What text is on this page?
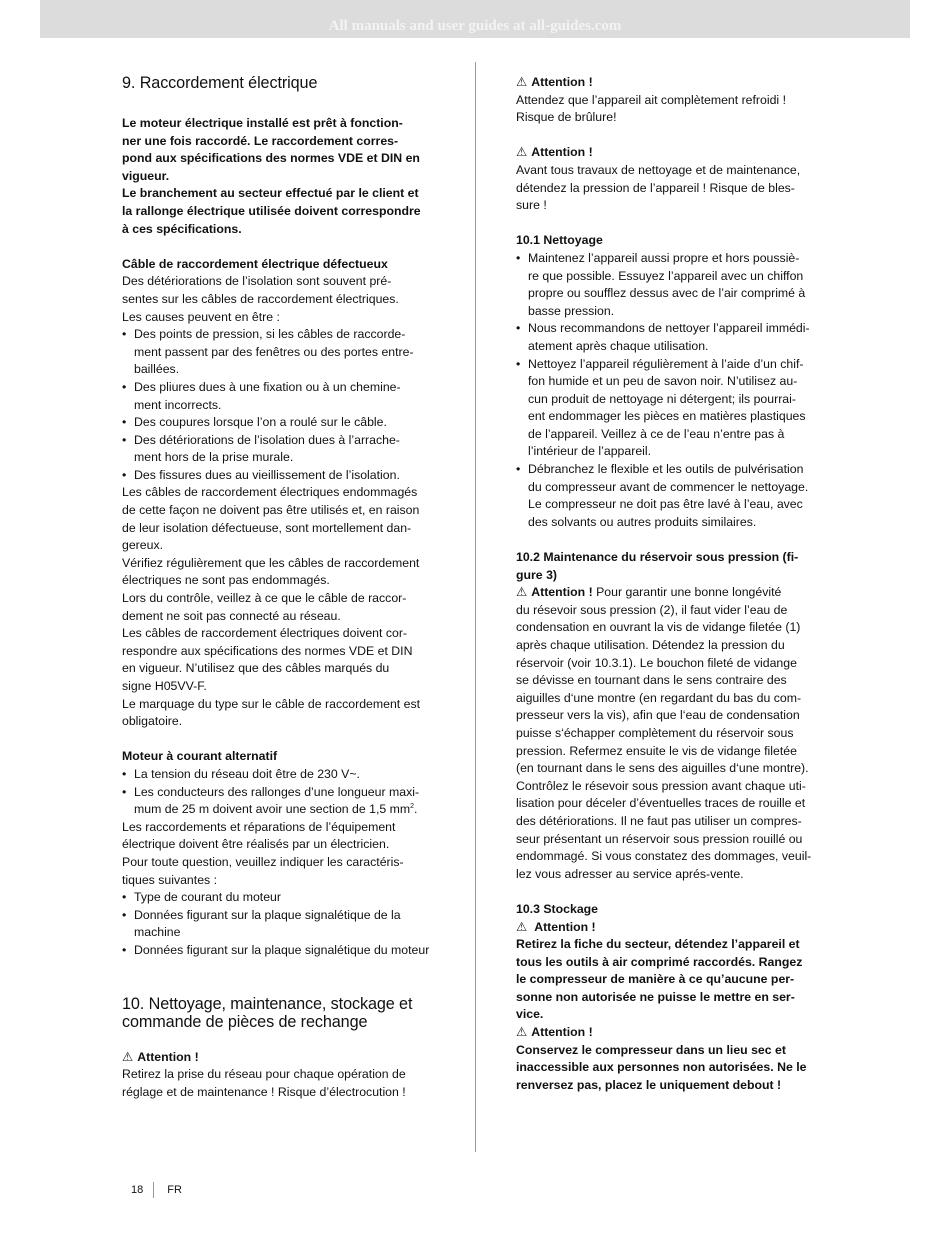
All manuals and user guides at all-guides.com
9. Raccordement électrique
Le moteur électrique installé est prêt à fonction-
ner une fois raccordé. Le raccordement corres-
pond aux spécifications des normes VDE et DIN en
vigueur.
Le branchement au secteur effectué par le client et
la rallonge électrique utilisée doivent correspondre
à ces spécifications.
Câble de raccordement électrique défectueux
Des détériorations de l’isolation sont souvent pré-
sentes sur les câbles de raccordement électriques.
Les causes peuvent en être :
• Des points de pression, si les câbles de raccorde-
ment passent par des fenêtres ou des portes entre-
baillées.
• Des pliures dues à une fixation ou à un chemine-
ment incorrects.
• Des coupures lorsque l’on a roulé sur le câble.
• Des détériorations de l’isolation dues à l’arrache-
ment hors de la prise murale.
• Des fissures dues au vieillissement de l’isolation.
Les câbles de raccordement électriques endommagés
de cette façon ne doivent pas être utilisés et, en raison
de leur isolation défectueuse, sont mortellement dan-
gereux.
Vérifiez régulièrement que les câbles de raccordement
électriques ne sont pas endommagés.
Lors du contrôle, veillez à ce que le câble de raccor-
dement ne soit pas connecté au réseau.
Les câbles de raccordement électriques doivent cor-
respondre aux spécifications des normes VDE et DIN
en vigueur. N’utilisez que des câbles marqués du
signe H05VV-F.
Le marquage du type sur le câble de raccordement est
obligatoire.
Moteur à courant alternatif
• La tension du réseau doit être de 230 V~.
• Les conducteurs des rallonges d’une longueur maxi-
mum de 25 m doivent avoir une section de 1,5 $mm^2$.
Les raccordements et réparations de l’équipement
électrique doivent être réalisés par un électricien.
Pour toute question, veuillez indiquer les caractéris-
tiques suivantes :
• Type de courant du moteur
• Données figurant sur la plaque signalétique de la
machine
• Données figurant sur la plaque signalétique du moteur
10. Nettoyage, maintenance, stockage et
commande de pièces de rechange
⚠ Attention !
Retirez la prise du réseau pour chaque opération de
réglage et de maintenance ! Risque d’électrocution !
⚠ Attention !
Attendez que l’appareil ait complètement refroidi !
Risque de brûlure!
⚠ Attention !
Avant tous travaux de nettoyage et de maintenance,
détendez la pression de l’appareil ! Risque de bles-
sure !
10.1 Nettoyage
• Maintenez l’appareil aussi propre et hors poussiè-
re que possible. Essuyez l’appareil avec un chiffon
propre ou soufflez dessus avec de l’air comprimé à
basse pression.
• Nous recommandons de nettoyer l’appareil immédi-
atement après chaque utilisation.
• Nettoyez l’appareil régulièrement à l’aide d’un chif-
fon humide et un peu de savon noir. N’utilisez au-
cun produit de nettoyage ni détergent; ils pourrai-
ent endommager les pièces en matières plastiques
de l’appareil. Veillez à ce de l’eau n’entre pas à
l’intérieur de l’appareil.
• Débranchez le flexible et les outils de pulvérisation
du compresseur avant de commencer le nettoyage.
Le compresseur ne doit pas être lavé à l’eau, avec
des solvants ou autres produits similaires.
10.2 Maintenance du réservoir sous pression (fi-
gure 3)
⚠ Attention ! Pour garantir une bonne longévité
du résevoir sous pression (2), il faut vider l’eau de
condensation en ouvrant la vis de vidange filetée (1)
après chaque utilisation. Détendez la pression du
réservoir (voir 10.3.1). Le bouchon fileté de vidange
se dévisse en tournant dans le sens contraire des
aiguilles d‘une montre (en regardant du bas du com-
presseur vers la vis), afin que l‘eau de condensation
puisse s‘échapper complètement du réservoir sous
pression. Refermez ensuite le vis de vidange filetée
(en tournant dans le sens des aiguilles d‘une montre).
Contrôlez le résevoir sous pression avant chaque uti-
lisation pour déceler d’éventuelles traces de rouille et
des détériorations. Il ne faut pas utiliser un compres-
seur présentant un réservoir sous pression rouillé ou
endommagé. Si vous constatez des dommages, veuil-
lez vous adresser au service aprés-vente.
10.3 Stockage
⚠ Attention !
Retirez la fiche du secteur, détendez l’appareil et
tous les outils à air comprimé raccordés. Rangez
le compresseur de manière à ce qu’aucune per-
sonne non autorisée ne puisse le mettre en ser-
vice.
⚠ Attention !
Conservez le compresseur dans un lieu sec et
inaccessible aux personnes non autorisées. Ne le
renversez pas, placez le uniquement debout !
18 FR
